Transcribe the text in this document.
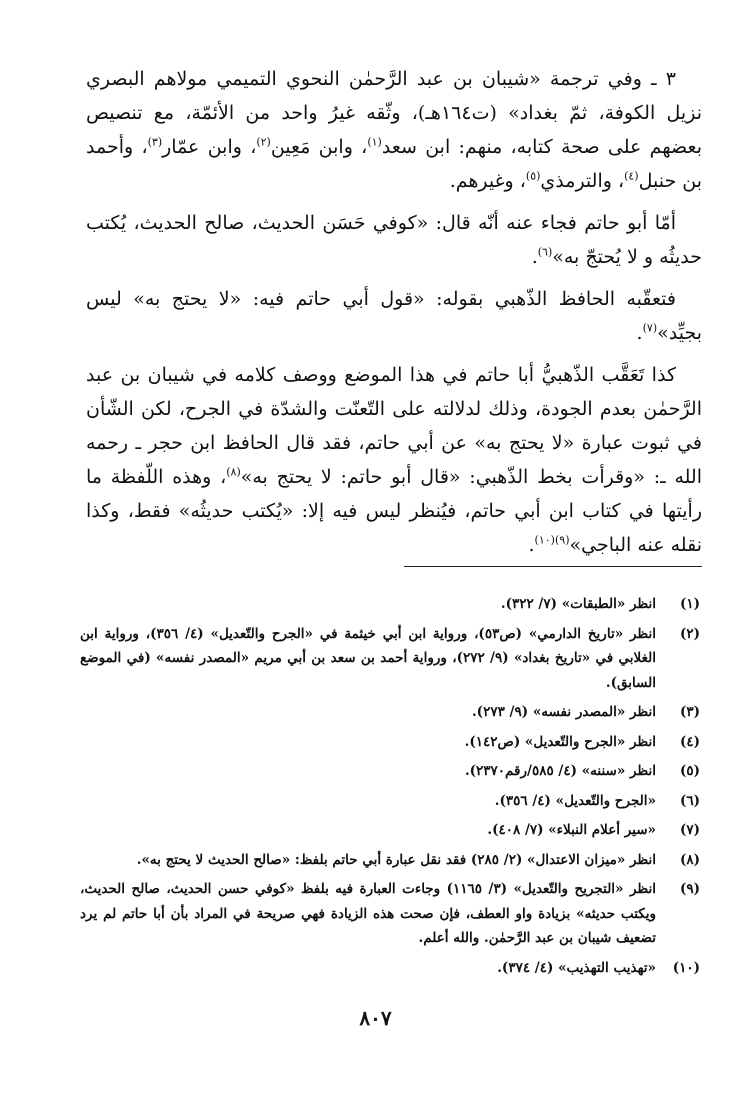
٣ ـ وفي ترجمة «شيبان بن عبد الرَّحمٰن النحوي التميمي مولاهم البصري نزيل الكوفة، ثمّ بغداد» (ت١٦٤هـ)، وثّقه غيرُ واحد من الأئمّة، مع تنصيص بعضهم على صحة كتابه، منهم: ابن سعد$^{(١)}$، وابن مَعِين$^{(٢)}$، وابن عمّار$^{(٣)}$، وأحمد بن حنبل$^{(٤)}$، والترمذي$^{(٥)}$، وغيرهم.

أمّا أبو حاتم فجاء عنه أنّه قال: «كوفي حَسَن الحديث، صالح الحديث، يُكتب حديثُه و لا يُحتجّ به»$^{(٦)}$.

فتعقّبه الحافظ الذّهبي بقوله: «قول أبي حاتم فيه: «لا يحتج به» ليس بجيِّد»$^{(٧)}$.

كذا تَعَقَّب الذّهبيُّ أبا حاتم في هذا الموضع ووصف كلامه في شيبان بن عبد الرَّحمٰن بعدم الجودة، وذلك لدلالته على التّعنّت والشدّة في الجرح، لكن الشّأن في ثبوت عبارة «لا يحتج به» عن أبي حاتم، فقد قال الحافظ ابن حجر ـ رحمه الله ـ: «وقرأت بخط الذّهبي: «قال أبو حاتم: لا يحتج به»$^{(٨)}$، وهذه اللّفظة ما رأيتها في كتاب ابن أبي حاتم، فيُنظر ليس فيه إلا: «يُكتب حديثُه» فقط، وكذا نقله عنه الباجي»$^{(٩)(١٠)}$.

(١)
انظر «الطبقات» (٧/ ٣٢٢).
(٢)
انظر «تاريخ الدارمي» (ص٥٣)، ورواية ابن أبي خيثمة في «الجرح والتّعديل» (٤/ ٣٥٦)، ورواية ابن الغلابي في «تاريخ بغداد» (٩/ ٢٧٢)، ورواية أحمد بن سعد بن أبي مريم «المصدر نفسه» (في الموضع السابق).
(٣)
انظر «المصدر نفسه» (٩/ ٢٧٣).
(٤)
انظر «الجرح والتّعديل» (ص١٤٢).
(٥)
انظر «سننه» (٤/ ٥٨٥/رقم٢٣٧٠).
(٦)
«الجرح والتّعديل» (٤/ ٣٥٦).
(٧)
«سير أعلام النبلاء» (٧/ ٤٠٨).
(٨)
انظر «ميزان الاعتدال» (٢/ ٢٨٥) فقد نقل عبارة أبي حاتم بلفظ: «صالح الحديث لا يحتج به».
(٩)
انظر «التجريح والتّعديل» (٣/ ١١٦٥) وجاءت العبارة فيه بلفظ «كوفي حسن الحديث، صالح الحديث، ويكتب حديثه» بزيادة واو العطف، فإن صحت هذه الزيادة فهي صريحة في المراد بأن أبا حاتم لم يرد تضعيف شيبان بن عبد الرَّحمٰن. والله أعلم.
(١٠)
«تهذيب التهذيب» (٤/ ٣٧٤).
٨٠٧
